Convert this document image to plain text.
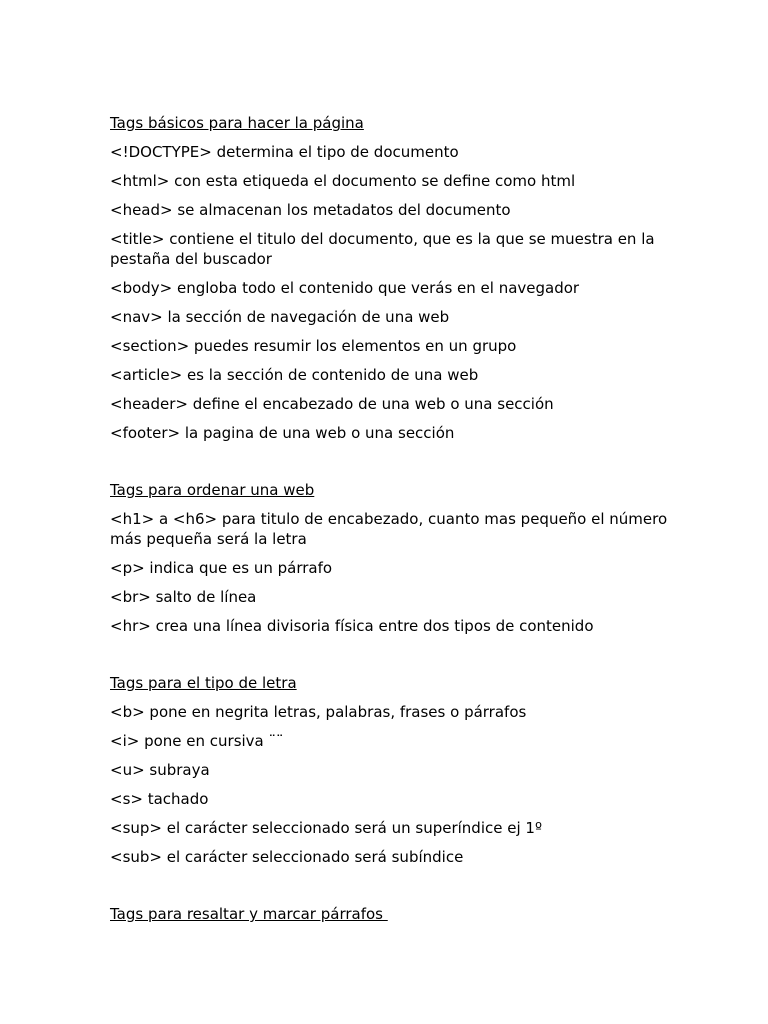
Tags básicos para hacer la página
<!DOCTYPE> determina el tipo de documento
<html> con esta etiqueda el documento se define como html
<head> se almacenan los metadatos del documento
<title> contiene el titulo del documento, que es la que se muestra en la pestaña del buscador
<body> engloba todo el contenido que verás en el navegador
<nav> la sección de navegación de una web
<section> puedes resumir los elementos en un grupo
<article> es la sección de contenido de una web
<header> define el encabezado de una web o una sección
<footer> la pagina de una web o una sección
Tags para ordenar una web
<h1> a <h6> para titulo de encabezado, cuanto mas pequeño el número más pequeña será la letra
<p> indica que es un párrafo
<br> salto de línea
<hr> crea una línea divisoria física entre dos tipos de contenido
Tags para el tipo de letra
<b> pone en negrita letras, palabras, frases o párrafos
<i> pone en cursiva ¨¨
<u> subraya
<s> tachado
<sup> el carácter seleccionado será un superíndice ej 1º
<sub> el carácter seleccionado será subíndice
Tags para resaltar y marcar párrafos
